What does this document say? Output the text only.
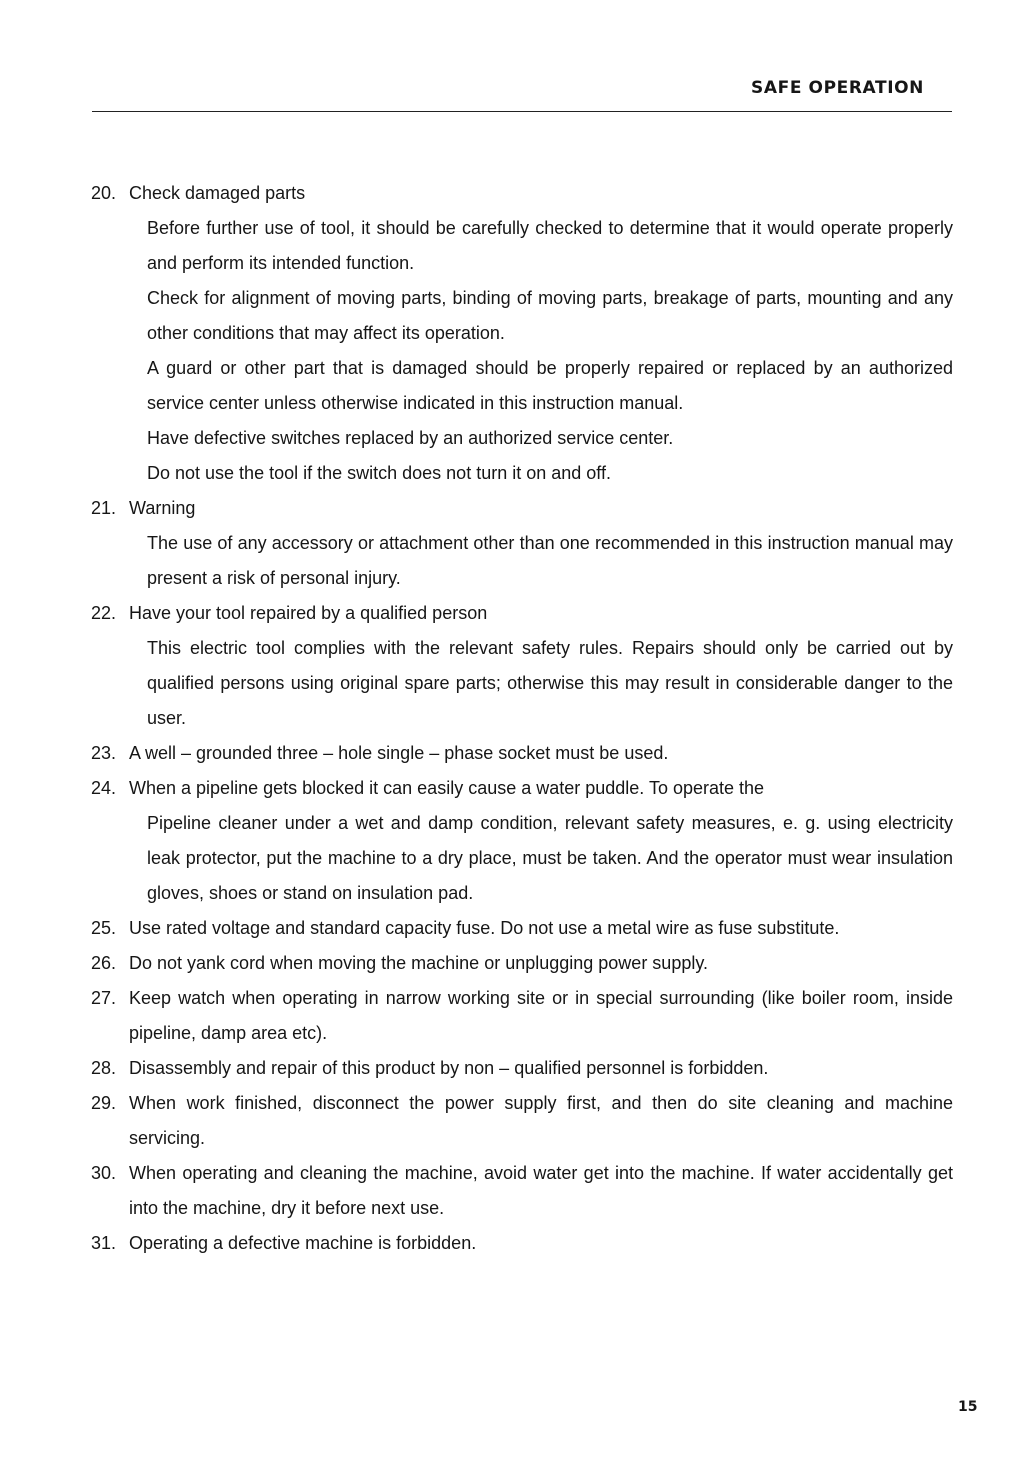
SAFE OPERATION
20. Check damaged parts

Before further use of tool, it should be carefully checked to determine that it would operate properly and perform its intended function.

Check for alignment of moving parts, binding of moving parts, breakage of parts, mounting and any other conditions that may affect its operation.

A guard or other part that is damaged should be properly repaired or replaced by an authorized service center unless otherwise indicated in this instruction manual.

Have defective switches replaced by an authorized service center.

Do not use the tool if the switch does not turn it on and off.

21. Warning

The use of any accessory or attachment other than one recommended in this instruction manual may present a risk of personal injury.

22. Have your tool repaired by a qualified person

This electric tool complies with the relevant safety rules. Repairs should only be carried out by qualified persons using original spare parts; otherwise this may result in considerable danger to the user.

23. A well – grounded three – hole single – phase socket must be used.
24. When a pipeline gets blocked it can easily cause a water puddle. To operate the

Pipeline cleaner under a wet and damp condition, relevant safety measures, e. g. using electricity leak protector, put the machine to a dry place, must be taken. And the operator must wear insulation gloves, shoes or stand on insulation pad.

25. Use rated voltage and standard capacity fuse. Do not use a metal wire as fuse substitute.
26. Do not yank cord when moving the machine or unplugging power supply.
27. Keep watch when operating in narrow working site or in special surrounding (like boiler room, inside pipeline, damp area etc).
28. Disassembly and repair of this product by non – qualified personnel is forbidden.
29. When work finished, disconnect the power supply first, and then do site cleaning and machine servicing.
30. When operating and cleaning the machine, avoid water get into the machine. If water accidentally get into the machine, dry it before next use.
31. Operating a defective machine is forbidden.
15
